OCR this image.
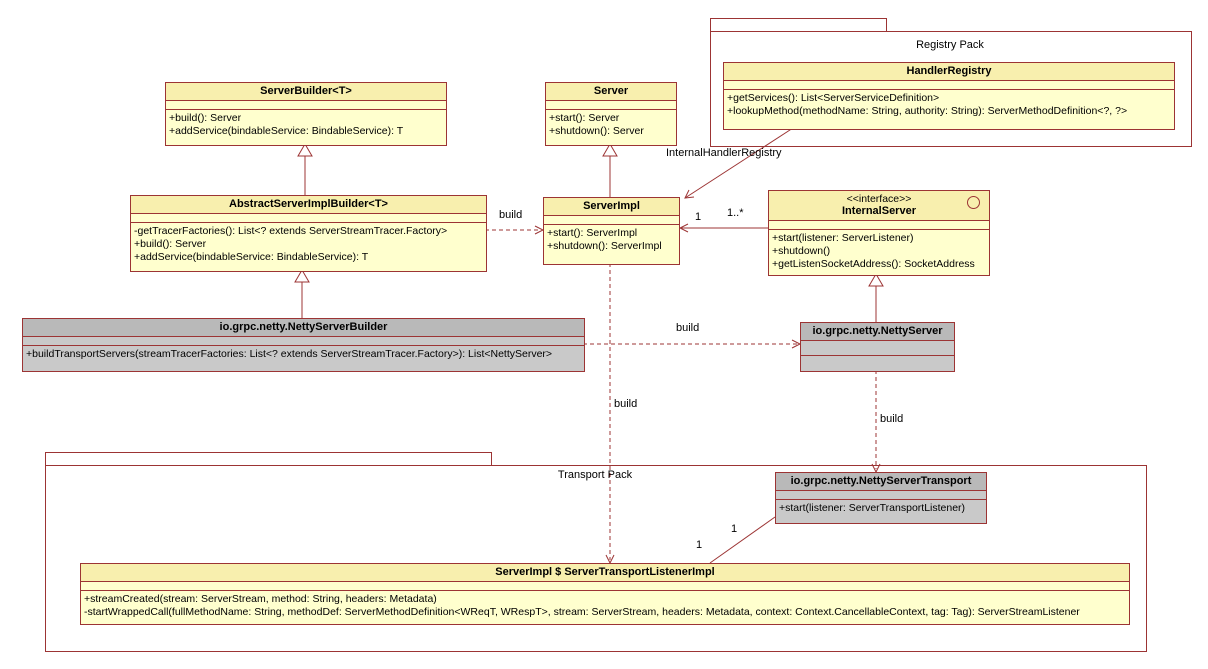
Registry Pack
Transport Pack
ServerBuilder<T>
+build(): Server
+addService(bindableService: BindableService): T
Server
+start(): Server
+shutdown(): Server
HandlerRegistry
+getServices(): List<ServerServiceDefinition>
+lookupMethod(methodName: String, authority: String): ServerMethodDefinition<?, ?>
AbstractServerImplBuilder<T>
-getTracerFactories(): List<? extends ServerStreamTracer.Factory>
+build(): Server
+addService(bindableService: BindableService): T
ServerImpl
+start(): ServerImpl
+shutdown(): ServerImpl
<<interface>>
InternalServer
+start(listener: ServerListener)
+shutdown()
+getListenSocketAddress(): SocketAddress
io.grpc.netty.NettyServerBuilder
+buildTransportServers(streamTracerFactories: List<? extends ServerStreamTracer.Factory>): List<NettyServer>
io.grpc.netty.NettyServer
io.grpc.netty.NettyServerTransport
+start(listener: ServerTransportListener)
ServerImpl $ ServerTransportListenerImpl
+streamCreated(stream: ServerStream, method: String, headers: Metadata)
-startWrappedCall(fullMethodName: String, methodDef: ServerMethodDefinition<WReqT, WRespT>, stream: ServerStream, headers: Metadata, context: Context.CancellableContext, tag: Tag): ServerStreamListener
build
InternalHandlerRegistry
1 1..*
build
build
build
1
1
